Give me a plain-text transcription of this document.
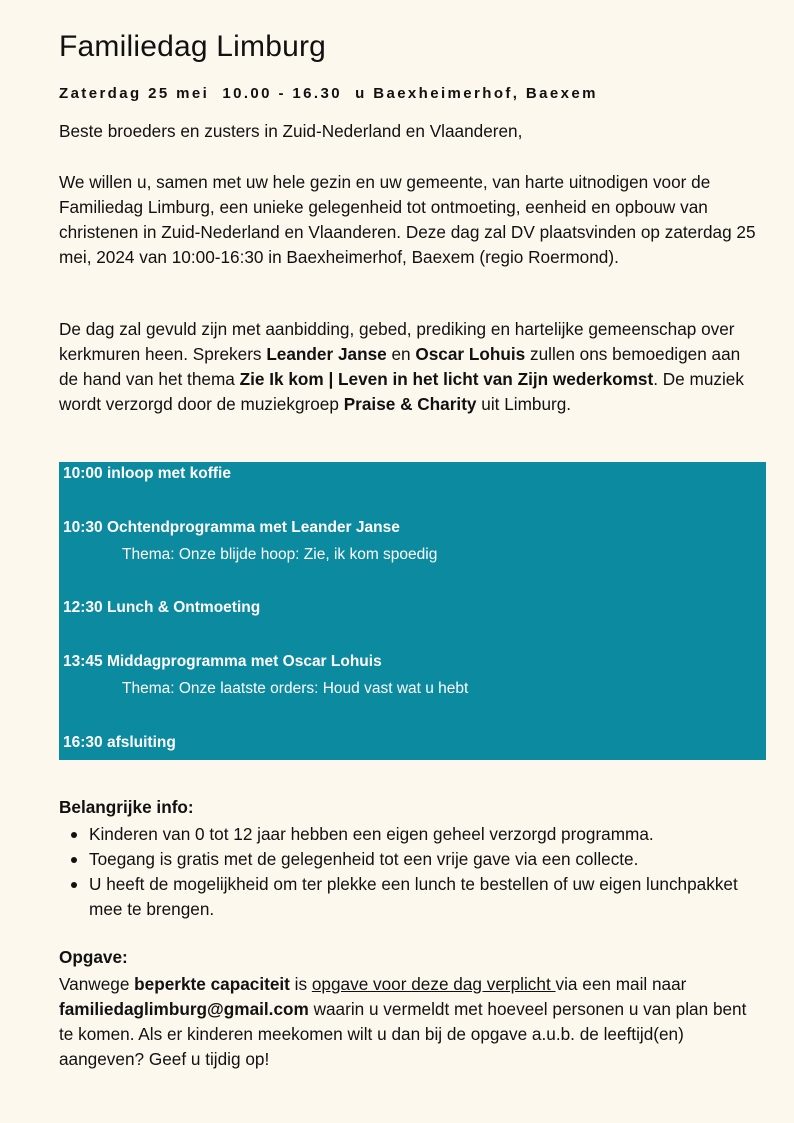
Familiedag Limburg
Zaterdag 25 mei  10.00 - 16.30  u Baexheimerhof, Baexem
Beste broeders en zusters in Zuid-Nederland en Vlaanderen,
We willen u, samen met uw hele gezin en uw gemeente, van harte uitnodigen voor de Familiedag Limburg, een unieke gelegenheid tot ontmoeting, eenheid en opbouw van christenen in Zuid-Nederland en Vlaanderen. Deze dag zal DV plaatsvinden op zaterdag 25 mei, 2024 van 10:00-16:30 in Baexheimerhof, Baexem (regio Roermond).
De dag zal gevuld zijn met aanbidding, gebed, prediking en hartelijke gemeenschap over kerkmuren heen. Sprekers Leander Janse en Oscar Lohuis zullen ons bemoedigen aan de hand van het thema Zie Ik kom | Leven in het licht van Zijn wederkomst. De muziek wordt verzorgd door de muziekgroep Praise & Charity uit Limburg.
10:00 inloop met koffie
10:30 Ochtendprogramma met Leander Janse
Thema: Onze blijde hoop: Zie, ik kom spoedig
12:30 Lunch & Ontmoeting
13:45 Middagprogramma met Oscar Lohuis
Thema: Onze laatste orders: Houd vast wat u hebt
16:30 afsluiting
Belangrijke info:
Kinderen van 0 tot 12 jaar hebben een eigen geheel verzorgd programma.
Toegang is gratis met de gelegenheid tot een vrije gave via een collecte.
U heeft de mogelijkheid om ter plekke een lunch te bestellen of uw eigen lunchpakket mee te brengen.
Opgave:
Vanwege beperkte capaciteit is opgave voor deze dag verplicht via een mail naar familiedaglimburg@gmail.com waarin u vermeldt met hoeveel personen u van plan bent te komen. Als er kinderen meekomen wilt u dan bij de opgave a.u.b. de leeftijd(en) aangeven? Geef u tijdig op!
